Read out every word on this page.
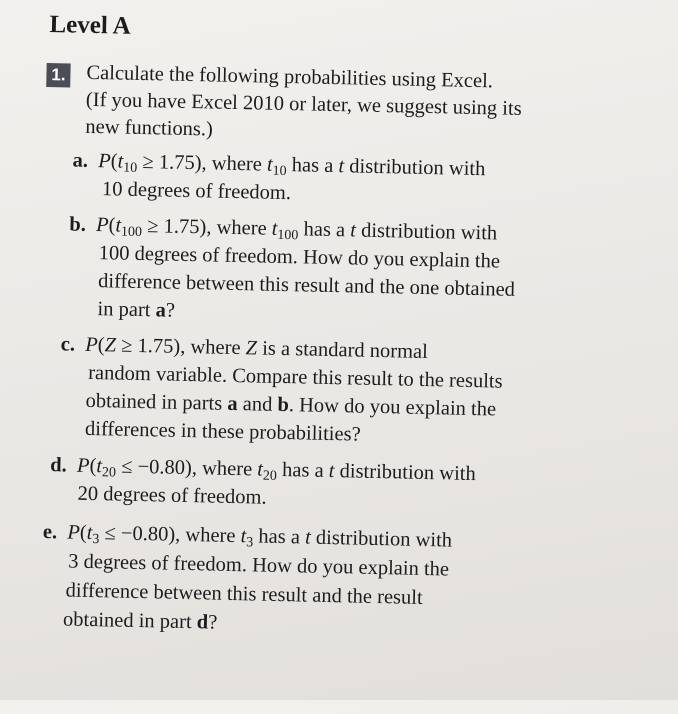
Level A
1. Calculate the following probabilities using Excel.
(If you have Excel 2010 or later, we suggest using its
new functions.)
a. $P(t_{10} \ge 1.75)$, where $t_{10}$ has a t distribution with
10 degrees of freedom.
b. $P(t_{100} \ge 1.75)$, where $t_{100}$ has a t distribution with
100 degrees of freedom. How do you explain the
difference between this result and the one obtained
in part a?
c. P(Z ≥ 1.75), where Z is a standard normal
random variable. Compare this result to the results
obtained in parts a and b. How do you explain the
differences in these probabilities?
d. $P(t_{20} \le -0.80)$, where $t_{20}$ has a t distribution with
20 degrees of freedom.
e. $P(t_3 \le -0.80)$, where $t_3$ has a t distribution with
3 degrees of freedom. How do you explain the
difference between this result and the result
obtained in part d?
